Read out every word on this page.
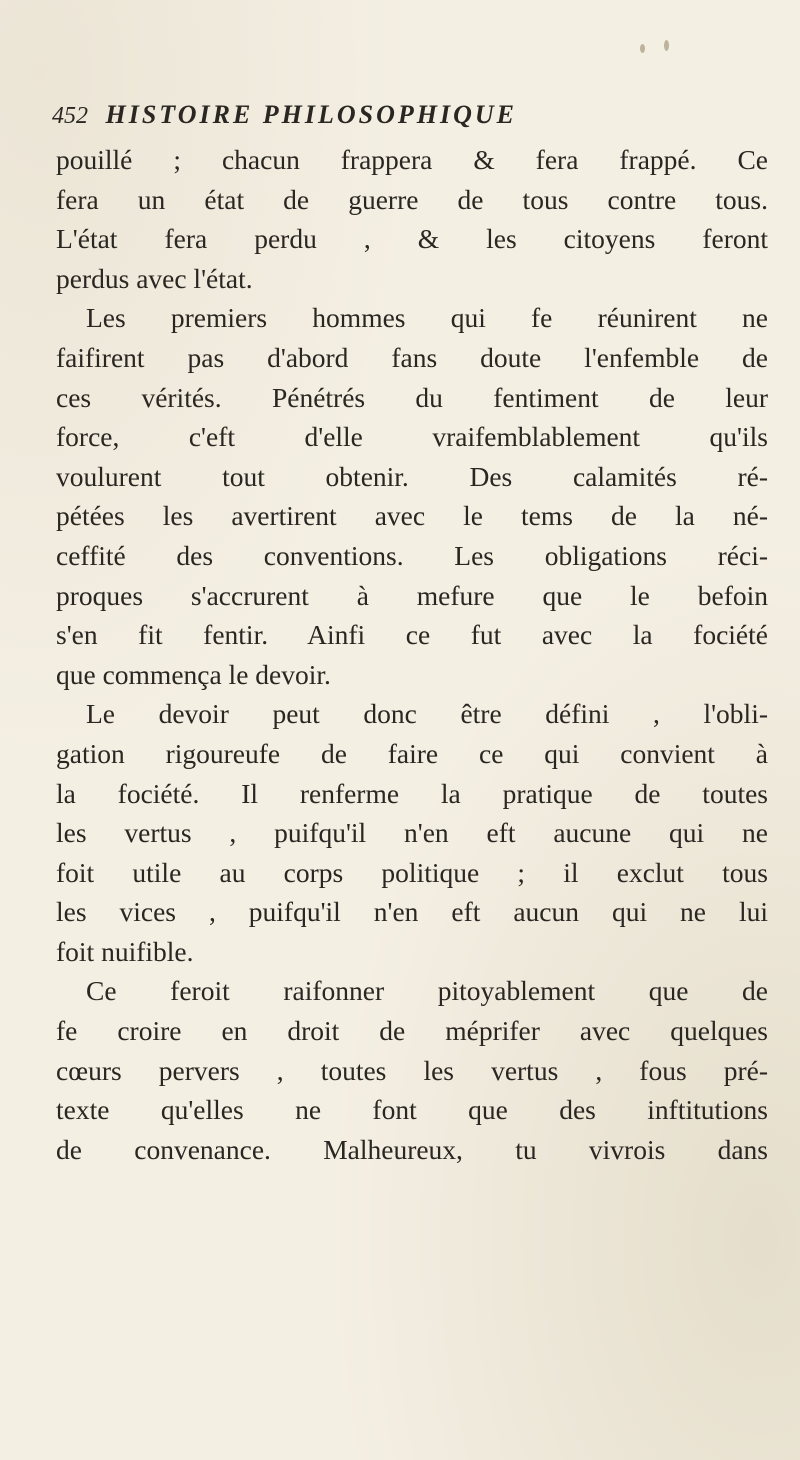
452 HISTOIRE PHILOSOPHIQUE
pouillé ; chacun frappera & fera frappé. Ce
fera un état de guerre de tous contre tous.
L'état fera perdu , & les citoyens feront
perdus avec l'état.
Les premiers hommes qui fe réunirent ne
faifirent pas d'abord fans doute l'enfemble de
ces vérités. Pénétrés du fentiment de leur
force, c'eft d'elle vraifemblablement qu'ils
voulurent tout obtenir. Des calamités ré-
pétées les avertirent avec le tems de la né-
ceffité des conventions. Les obligations réci-
proques s'accrurent à mefure que le befoin
s'en fit fentir. Ainfi ce fut avec la fociété
que commença le devoir.
Le devoir peut donc être défini , l'obli-
gation rigoureufe de faire ce qui convient à
la fociété. Il renferme la pratique de toutes
les vertus , puifqu'il n'en eft aucune qui ne
foit utile au corps politique ; il exclut tous
les vices , puifqu'il n'en eft aucun qui ne lui
foit nuifible.
Ce feroit raifonner pitoyablement que de
fe croire en droit de méprifer avec quelques
cœurs pervers , toutes les vertus , fous pré-
texte qu'elles ne font que des inftitutions
de convenance. Malheureux, tu vivrois dans
